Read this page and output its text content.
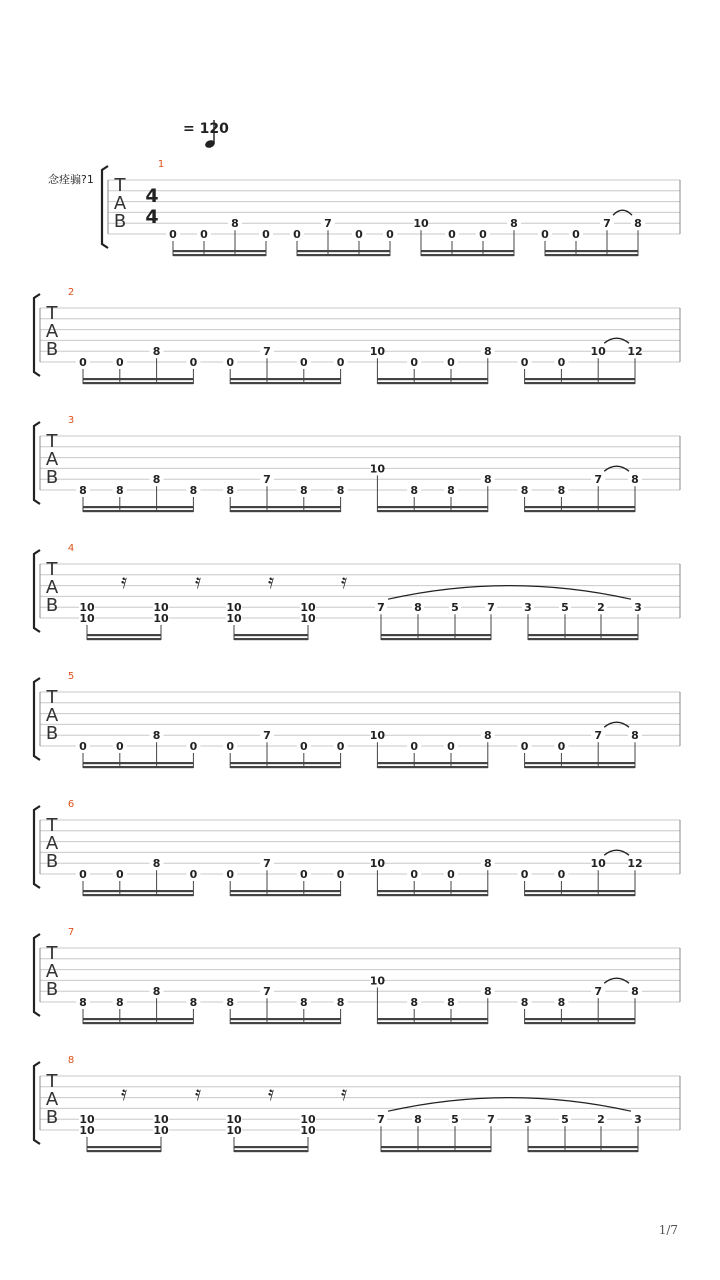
= 120
念痊骟?1 T
A
B
1
4
4
0 0
8
0 0
7
0 0
10
0 0
8
0 0
7 8
T
A
B
2
0	0
8
0	0
7
0	0
10
0	0
8
0	0
10 12
T
A
B
3
8	8
8
8	8
7
8	8
10
8	8
8
8	8
7	8
T
A
B
4
10
10
10
10
10
10
10
10
𝄿	𝄿	𝄿	𝄿
7	8	5	7	3	5	2	3
T
A
B
5
0	0
8
0	0
7
0	0
10
0	0
8
0	0
7	8
T
A
B
6
0	0
8
0	0
7
0	0
10
0	0
8
0	0
10 12
T
A
B
7
8	8
8
8	8
7
8	8
10
8	8
8
8	8
7	8
T
A
B
8
10
10
10
10
10
10
10
10
𝄿	𝄿	𝄿	𝄿
7	8	5	7	3	5	2	3
1/7
